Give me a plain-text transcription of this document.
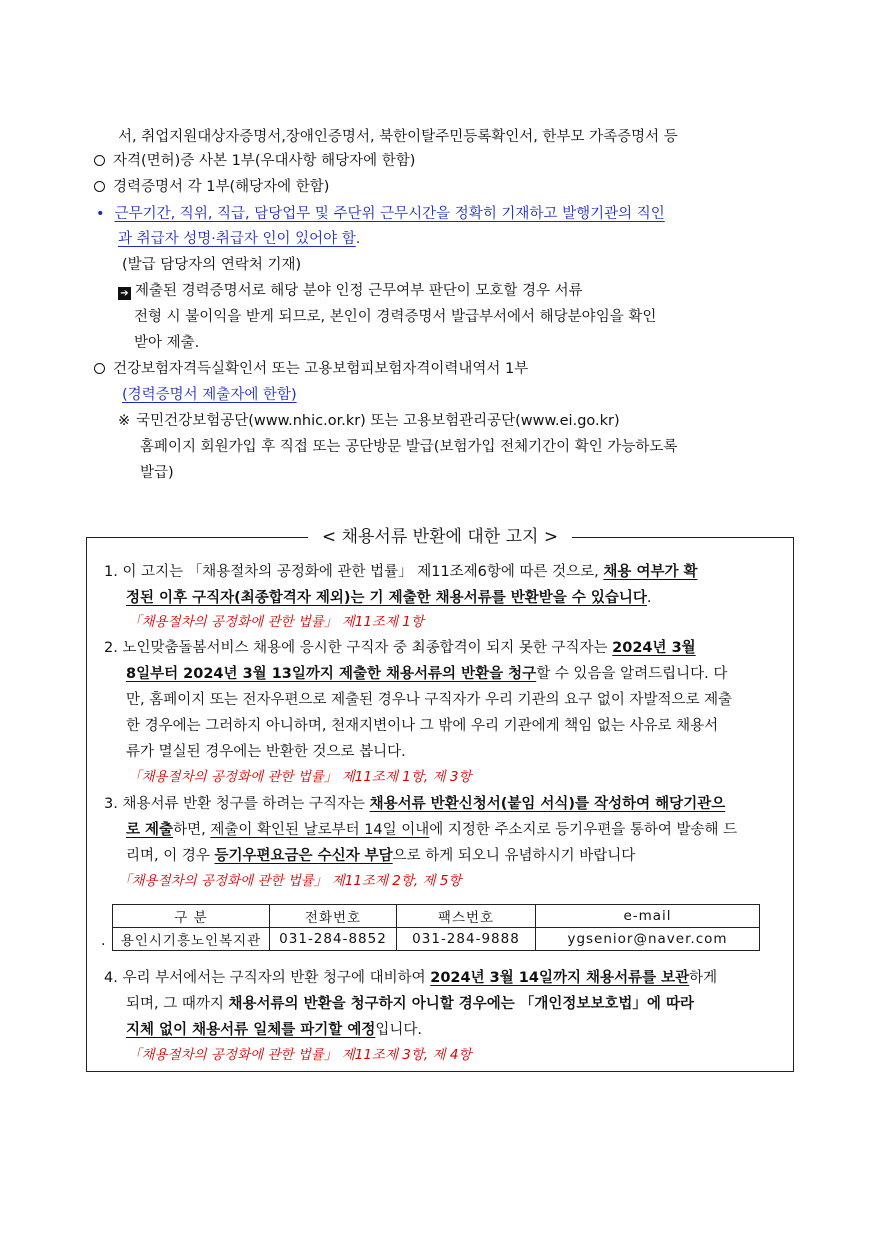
서, 취업지원대상자증명서,장애인증명서, 북한이탈주민등록확인서, 한부모 가족증명서 등
자격(면허)증 사본 1부(우대사항 해당자에 한함)
경력증명서 각 1부(해당자에 한함)
• 근무기간, 직위, 직급, 담당업무 및 주단위 근무시간을 정확히 기재하고 발행기관의 직인
과 취급자 성명·취급자 인이 있어야 함.
(발급 담당자의 연락처 기재)
➔ 제출된 경력증명서로 해당 분야 인정 근무여부 판단이 모호할 경우 서류
전형 시 불이익을 받게 되므로, 본인이 경력증명서 발급부서에서 해당분야임을 확인
받아 제출.
건강보험자격득실확인서 또는 고용보험피보험자격이력내역서 1부
(경력증명서 제출자에 한함)
※ 국민건강보험공단(www.nhic.or.kr) 또는 고용보험관리공단(www.ei.go.kr)
홈페이지 회원가입 후 직접 또는 공단방문 발급(보험가입 전체기간이 확인 가능하도록
발급)
< 채용서류 반환에 대한 고지 >
1. 이 고지는 「채용절차의 공정화에 관한 법률」 제11조제6항에 따른 것으로, 채용 여부가 확
정된 이후 구직자(최종합격자 제외)는 기 제출한 채용서류를 반환받을 수 있습니다.
「채용절차의 공정화에 관한 법률」 제11조제 1항
2. 노인맞춤돌봄서비스 채용에 응시한 구직자 중 최종합격이 되지 못한 구직자는 2024년 3월
8일부터 2024년 3월 13일까지 제출한 채용서류의 반환을 청구할 수 있음을 알려드립니다. 다
만, 홈페이지 또는 전자우편으로 제출된 경우나 구직자가 우리 기관의 요구 없이 자발적으로 제출
한 경우에는 그러하지 아니하며, 천재지변이나 그 밖에 우리 기관에게 책임 없는 사유로 채용서
류가 멸실된 경우에는 반환한 것으로 봅니다.
「채용절차의 공정화에 관한 법률」 제11조제 1항, 제 3항
3. 채용서류 반환 청구를 하려는 구직자는 채용서류 반환신청서(붙임 서식)를 작성하여 해당기관으
로 제출하면, 제출이 확인된 날로부터 14일 이내에 지정한 주소지로 등기우편을 통하여 발송해 드
리며, 이 경우 등기우편요금은 수신자 부담으로 하게 되오니 유념하시기 바랍니다
「채용절차의 공정화에 관한 법률」 제11조제 2항, 제 5항
.
구 분	전화번호	팩스번호	e-mail
용인시기흥노인복지관	031-284-8852	031-284-9888	ygsenior@naver.com
4. 우리 부서에서는 구직자의 반환 청구에 대비하여 2024년 3월 14일까지 채용서류를 보관하게
되며, 그 때까지 채용서류의 반환을 청구하지 아니할 경우에는 「개인정보보호법」에 따라
지체 없이 채용서류 일체를 파기할 예정입니다.
「채용절차의 공정화에 관한 법률」 제11조제 3항, 제 4항
